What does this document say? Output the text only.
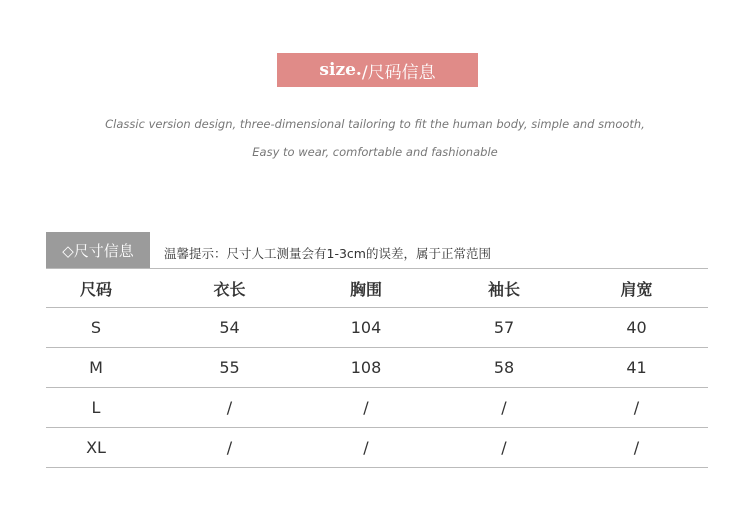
size. /尺码信息
Classic version design, three-dimensional tailoring to fit the human body, simple and smooth,
Easy to wear, comfortable and fashionable
◇尺寸信息	温馨提示：尺寸人工测量会有1-3cm的误差，属于正常范围
尺码	衣长	胸围	袖长	肩宽
S	54	104	57	40
M	55	108	58	41
L	/	/	/	/
XL	/	/	/	/
